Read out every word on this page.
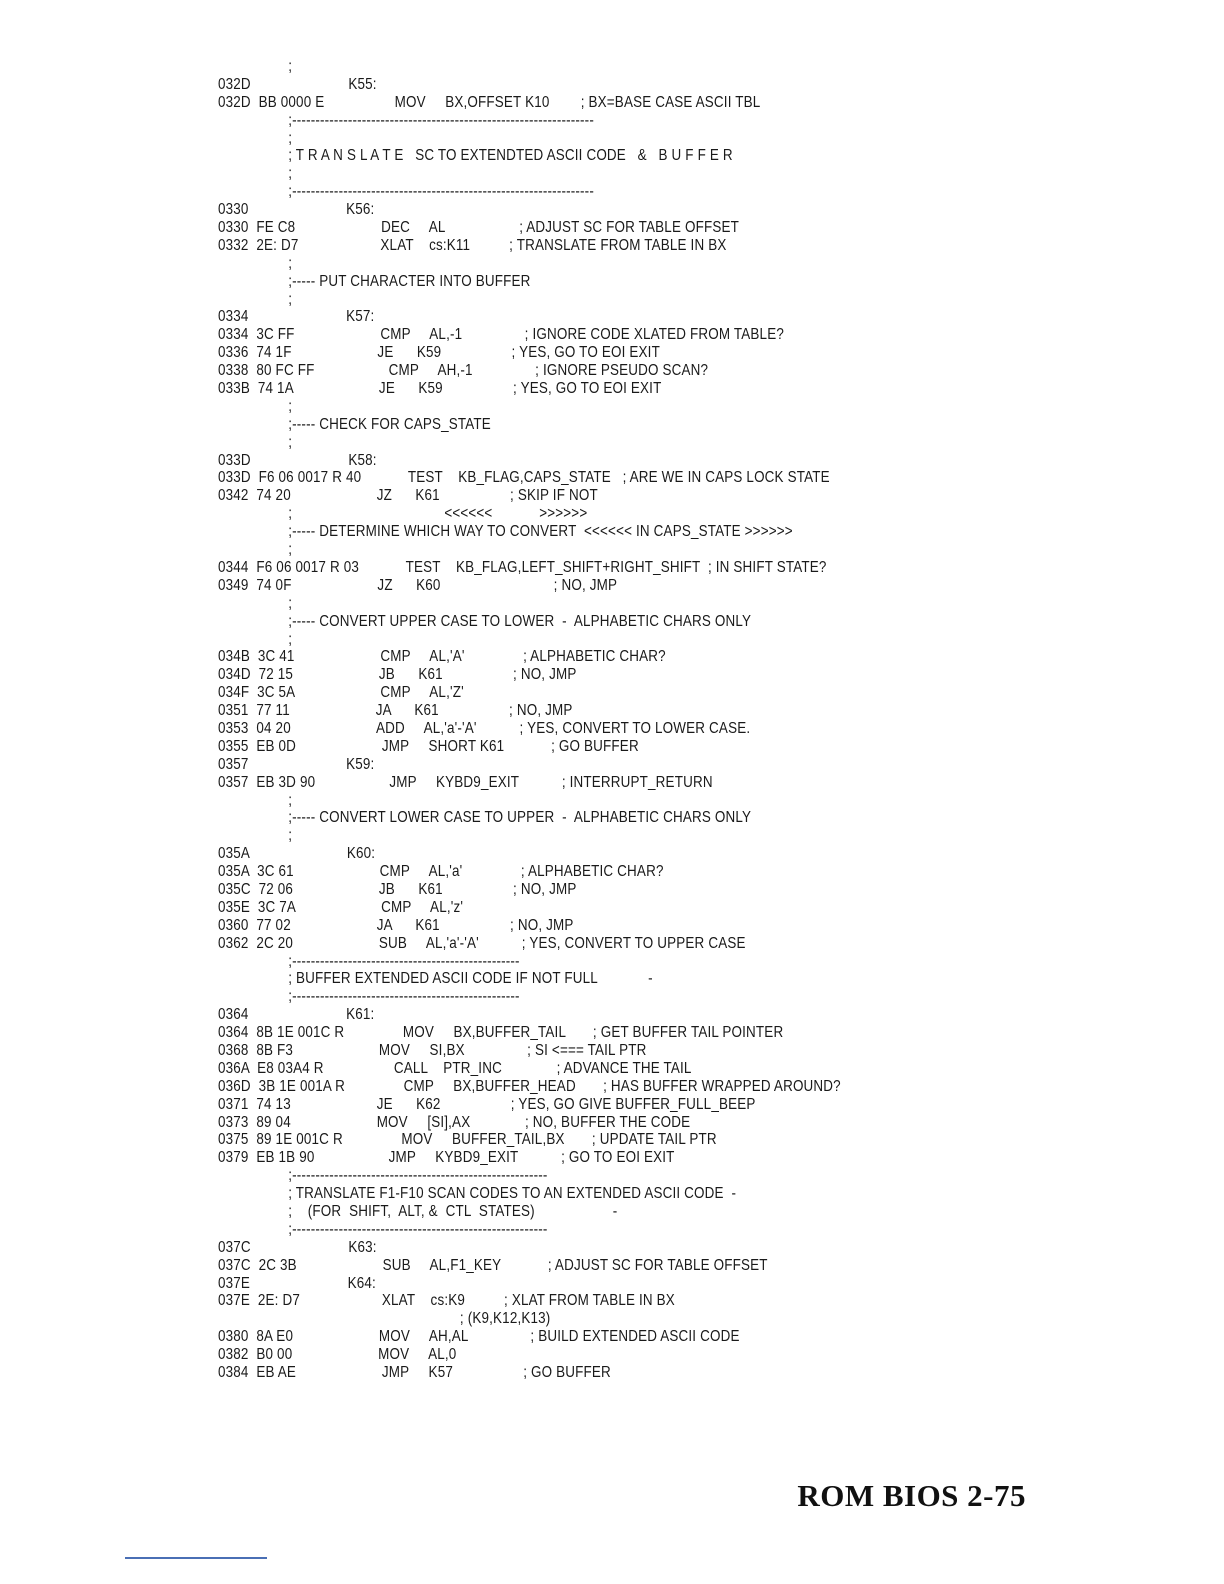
;
032D                         K55:
032D  BB 0000 E                  MOV     BX,OFFSET K10        ; BX=BASE CASE ASCII TBL
;-----------------------------------------------------------------
;
; T R A N S L A T E   SC TO EXTENDTED ASCII CODE   &   B U F F E R
;
;-----------------------------------------------------------------
0330                         K56:
0330  FE C8                      DEC     AL                   ; ADJUST SC FOR TABLE OFFSET
0332  2E: D7                     XLAT    cs:K11          ; TRANSLATE FROM TABLE IN BX
;
;----- PUT CHARACTER INTO BUFFER
;
0334                         K57:
0334  3C FF                      CMP     AL,-1                ; IGNORE CODE XLATED FROM TABLE?
0336  74 1F                      JE      K59                  ; YES, GO TO EOI EXIT
0338  80 FC FF                   CMP     AH,-1                ; IGNORE PSEUDO SCAN?
033B  74 1A                      JE      K59                  ; YES, GO TO EOI EXIT
;
;----- CHECK FOR CAPS_STATE
;
033D                         K58:
033D  F6 06 0017 R 40            TEST    KB_FLAG,CAPS_STATE   ; ARE WE IN CAPS LOCK STATE
0342  74 20                      JZ      K61                  ; SKIP IF NOT
;                                       <<<<<<            >>>>>>
;----- DETERMINE WHICH WAY TO CONVERT  <<<<<< IN CAPS_STATE >>>>>>
;
0344  F6 06 0017 R 03            TEST    KB_FLAG,LEFT_SHIFT+RIGHT_SHIFT  ; IN SHIFT STATE?
0349  74 0F                      JZ      K60                             ; NO, JMP
;
;----- CONVERT UPPER CASE TO LOWER  -  ALPHABETIC CHARS ONLY
;
034B  3C 41                      CMP     AL,'A'               ; ALPHABETIC CHAR?
034D  72 15                      JB      K61                  ; NO, JMP
034F  3C 5A                      CMP     AL,'Z'
0351  77 11                      JA      K61                  ; NO, JMP
0353  04 20                      ADD     AL,'a'-'A'           ; YES, CONVERT TO LOWER CASE.
0355  EB 0D                      JMP     SHORT K61            ; GO BUFFER
0357                         K59:
0357  EB 3D 90                   JMP     KYBD9_EXIT           ; INTERRUPT_RETURN
;
;----- CONVERT LOWER CASE TO UPPER  -  ALPHABETIC CHARS ONLY
;
035A                         K60:
035A  3C 61                      CMP     AL,'a'               ; ALPHABETIC CHAR?
035C  72 06                      JB      K61                  ; NO, JMP
035E  3C 7A                      CMP     AL,'z'
0360  77 02                      JA      K61                  ; NO, JMP
0362  2C 20                      SUB     AL,'a'-'A'           ; YES, CONVERT TO UPPER CASE
;-------------------------------------------------
; BUFFER EXTENDED ASCII CODE IF NOT FULL             -
;-------------------------------------------------
0364                         K61:
0364  8B 1E 001C R               MOV     BX,BUFFER_TAIL       ; GET BUFFER TAIL POINTER
0368  8B F3                      MOV     SI,BX                ; SI <=== TAIL PTR
036A  E8 03A4 R                  CALL    PTR_INC              ; ADVANCE THE TAIL
036D  3B 1E 001A R               CMP     BX,BUFFER_HEAD       ; HAS BUFFER WRAPPED AROUND?
0371  74 13                      JE      K62                  ; YES, GO GIVE BUFFER_FULL_BEEP
0373  89 04                      MOV     [SI],AX              ; NO, BUFFER THE CODE
0375  89 1E 001C R               MOV     BUFFER_TAIL,BX       ; UPDATE TAIL PTR
0379  EB 1B 90                   JMP     KYBD9_EXIT           ; GO TO EOI EXIT
;-------------------------------------------------------
; TRANSLATE F1-F10 SCAN CODES TO AN EXTENDED ASCII CODE  -
;    (FOR  SHIFT,  ALT, &  CTL  STATES)                    -
;-------------------------------------------------------
037C                         K63:
037C  2C 3B                      SUB     AL,F1_KEY            ; ADJUST SC FOR TABLE OFFSET
037E                         K64:
037E  2E: D7                     XLAT    cs:K9          ; XLAT FROM TABLE IN BX
; (K9,K12,K13)
0380  8A E0                      MOV     AH,AL                ; BUILD EXTENDED ASCII CODE
0382  B0 00                      MOV     AL,0
0384  EB AE                      JMP     K57                  ; GO BUFFER
ROM BIOS 2-75
